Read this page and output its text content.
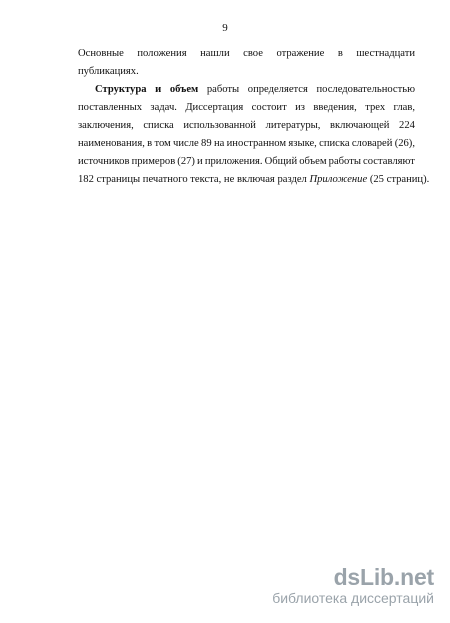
9
Основные положения нашли свое отражение в шестнадцати
публикациях.
Структура и объем работы определяется последовательностью
поставленных задач. Диссертация состоит из введения, трех глав,
заключения, списка использованной литературы, включающей 224
наименования, в том числе 89 на иностранном языке, списка словарей (26),
источников примеров (27) и приложения. Общий объем работы составляют
182 страницы печатного текста, не включая раздел Приложение (25 страниц).
dsLib.net
библиотека диссертаций
